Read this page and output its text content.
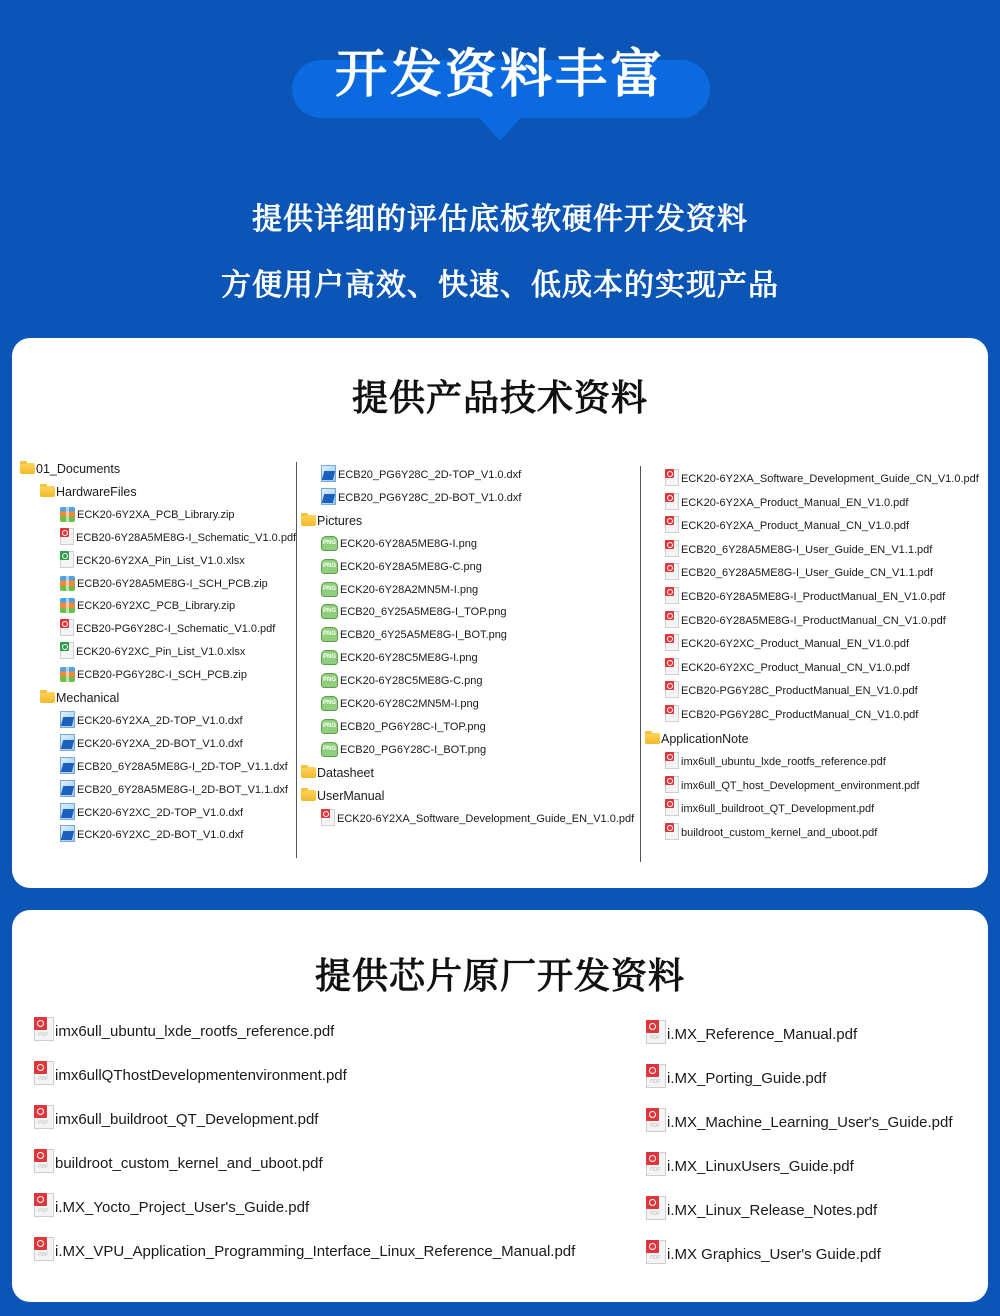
开发资料丰富
提供详细的评估底板软硬件开发资料
方便用户高效、快速、低成本的实现产品
提供产品技术资料
01_Documents
HardwareFiles
ECK20-6Y2XA_PCB_Library.zip
ECB20-6Y28A5ME8G-I_Schematic_V1.0.pdf
ECK20-6Y2XA_Pin_List_V1.0.xlsx
ECB20-6Y28A5ME8G-I_SCH_PCB.zip
ECK20-6Y2XC_PCB_Library.zip
ECB20-PG6Y28C-I_Schematic_V1.0.pdf
ECK20-6Y2XC_Pin_List_V1.0.xlsx
ECB20-PG6Y28C-I_SCH_PCB.zip
Mechanical
ECK20-6Y2XA_2D-TOP_V1.0.dxf
ECK20-6Y2XA_2D-BOT_V1.0.dxf
ECB20_6Y28A5ME8G-I_2D-TOP_V1.1.dxf
ECB20_6Y28A5ME8G-I_2D-BOT_V1.1.dxf
ECK20-6Y2XC_2D-TOP_V1.0.dxf
ECK20-6Y2XC_2D-BOT_V1.0.dxf
ECB20_PG6Y28C_2D-TOP_V1.0.dxf
ECB20_PG6Y28C_2D-BOT_V1.0.dxf
Pictures
PNG
ECK20-6Y28A5ME8G-I.png
PNG
ECK20-6Y28A5ME8G-C.png
PNG
ECK20-6Y28A2MN5M-I.png
PNG
ECB20_6Y25A5ME8G-I_TOP.png
PNG
ECB20_6Y25A5ME8G-I_BOT.png
PNG
ECK20-6Y28C5ME8G-I.png
PNG
ECK20-6Y28C5ME8G-C.png
PNG
ECK20-6Y28C2MN5M-I.png
PNG
ECB20_PG6Y28C-I_TOP.png
PNG
ECB20_PG6Y28C-I_BOT.png
Datasheet
UserManual
ECK20-6Y2XA_Software_Development_Guide_EN_V1.0.pdf
ECK20-6Y2XA_Software_Development_Guide_CN_V1.0.pdf
ECK20-6Y2XA_Product_Manual_EN_V1.0.pdf
ECK20-6Y2XA_Product_Manual_CN_V1.0.pdf
ECB20_6Y28A5ME8G-I_User_Guide_EN_V1.1.pdf
ECB20_6Y28A5ME8G-I_User_Guide_CN_V1.1.pdf
ECB20-6Y28A5ME8G-I_ProductManual_EN_V1.0.pdf
ECB20-6Y28A5ME8G-I_ProductManual_CN_V1.0.pdf
ECK20-6Y2XC_Product_Manual_EN_V1.0.pdf
ECK20-6Y2XC_Product_Manual_CN_V1.0.pdf
ECB20-PG6Y28C_ProductManual_EN_V1.0.pdf
ECB20-PG6Y28C_ProductManual_CN_V1.0.pdf
ApplicationNote
imx6ull_ubuntu_lxde_rootfs_reference.pdf
imx6ull_QT_host_Development_environment.pdf
imx6ull_buildroot_QT_Development.pdf
buildroot_custom_kernel_and_uboot.pdf
提供芯片原厂开发资料
PDF imx6ull_ubuntu_lxde_rootfs_reference.pdf
PDF imx6ullQThostDevelopmentenvironment.pdf
PDF imx6ull_buildroot_QT_Development.pdf
PDF buildroot_custom_kernel_and_uboot.pdf
PDF i.MX_Yocto_Project_User's_Guide.pdf
PDF i.MX_VPU_Application_Programming_Interface_Linux_Reference_Manual.pdf
PDF i.MX_Reference_Manual.pdf
PDF i.MX_Porting_Guide.pdf
PDF i.MX_Machine_Learning_User's_Guide.pdf
PDF i.MX_LinuxUsers_Guide.pdf
PDF i.MX_Linux_Release_Notes.pdf
PDF i.MX Graphics_User's Guide.pdf
